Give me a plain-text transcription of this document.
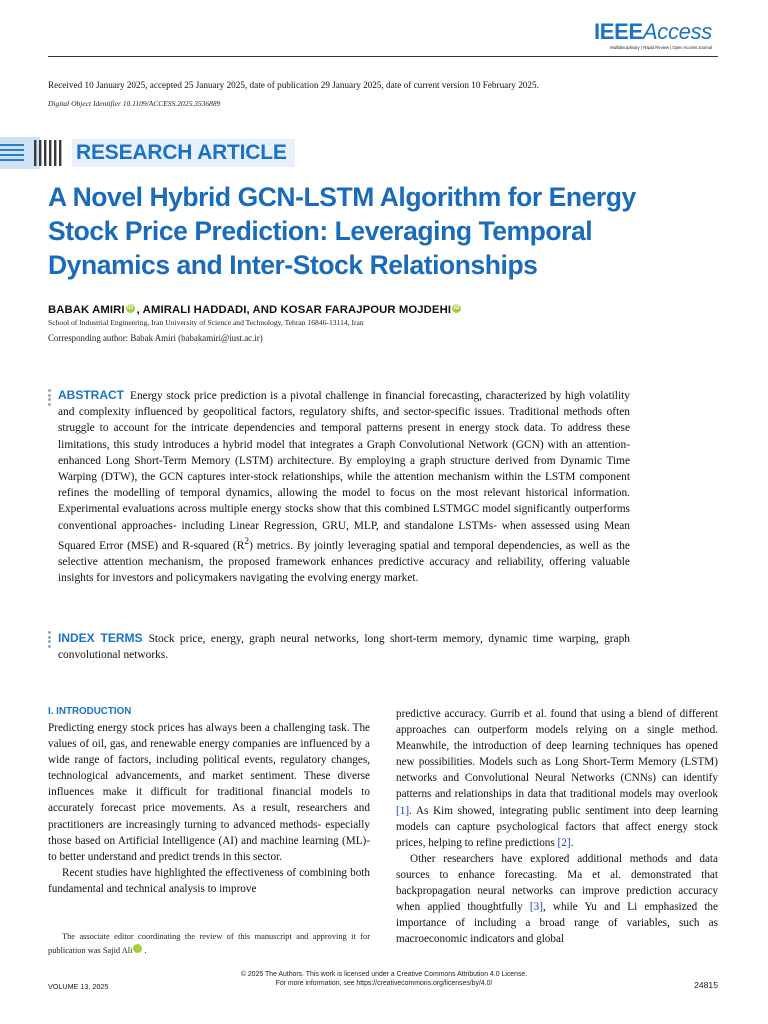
IEEEAccess
Multidisciplinary | Rapid Review | Open Access Journal
Received 10 January 2025, accepted 25 January 2025, date of publication 29 January 2025, date of current version 10 February 2025.
Digital Object Identifier 10.1109/ACCESS.2025.3536889
RESEARCH ARTICLE
A Novel Hybrid GCN-LSTM Algorithm for Energy Stock Price Prediction: Leveraging Temporal Dynamics and Inter-Stock Relationships
BABAK AMIRI iD , AMIRALI HADDADI, AND KOSAR FARAJPOUR MOJDEHI iD
School of Industrial Engineering, Iran University of Science and Technology, Tehran 16846-13114, Iran
Corresponding author: Babak Amiri (babakamiri@iust.ac.ir)
ABSTRACT Energy stock price prediction is a pivotal challenge in financial forecasting, characterized by high volatility and complexity influenced by geopolitical factors, regulatory shifts, and sector-specific issues. Traditional methods often struggle to account for the intricate dependencies and temporal patterns present in energy stock data. To address these limitations, this study introduces a hybrid model that integrates a Graph Convolutional Network (GCN) with an attention-enhanced Long Short-Term Memory (LSTM) architecture. By employing a graph structure derived from Dynamic Time Warping (DTW), the GCN captures inter-stock relationships, while the attention mechanism within the LSTM component refines the modelling of temporal dynamics, allowing the model to focus on the most relevant historical information. Experimental evaluations across multiple energy stocks show that this combined LSTMGC model significantly outperforms conventional approaches- including Linear Regression, GRU, MLP, and standalone LSTMs- when assessed using Mean Squared Error (MSE) and R-squared $(R^2)$ metrics. By jointly leveraging spatial and temporal dependencies, as well as the selective attention mechanism, the proposed framework enhances predictive accuracy and reliability, offering valuable insights for investors and policymakers navigating the evolving energy market.
INDEX TERMS Stock price, energy, graph neural networks, long short-term memory, dynamic time warping, graph convolutional networks.
I. INTRODUCTION

Predicting energy stock prices has always been a challenging task. The values of oil, gas, and renewable energy companies are influenced by a wide range of factors, including political events, regulatory changes, technological advancements, and market sentiment. These diverse influences make it difficult for traditional financial models to accurately forecast price movements. As a result, researchers and practitioners are increasingly turning to advanced methods- especially those based on Artificial Intelligence (AI) and machine learning (ML)- to better understand and predict trends in this sector.

Recent studies have highlighted the effectiveness of combining both fundamental and technical analysis to improve

predictive accuracy. Gurrib et al. found that using a blend of different approaches can outperform models relying on a single method. Meanwhile, the introduction of deep learning techniques has opened new possibilities. Models such as Long Short-Term Memory (LSTM) networks and Convolutional Neural Networks (CNNs) can identify patterns and relationships in data that traditional models may overlook [1]. As Kim showed, integrating public sentiment into deep learning models can capture psychological factors that affect energy stock prices, helping to refine predictions [2].

Other researchers have explored additional methods and data sources to enhance forecasting. Ma et al. demonstrated that backpropagation neural networks can improve prediction accuracy when applied thoughtfully [3], while Yu and Li emphasized the importance of including a broad range of variables, such as macroeconomic indicators and global

The associate editor coordinating the review of this manuscript and approving it for publication was Sajid Ali	iD.
© 2025 The Authors. This work is licensed under a Creative Commons Attribution 4.0 License.
For more information, see https://creativecommons.org/licenses/by/4.0/
VOLUME 13, 2025	24815
